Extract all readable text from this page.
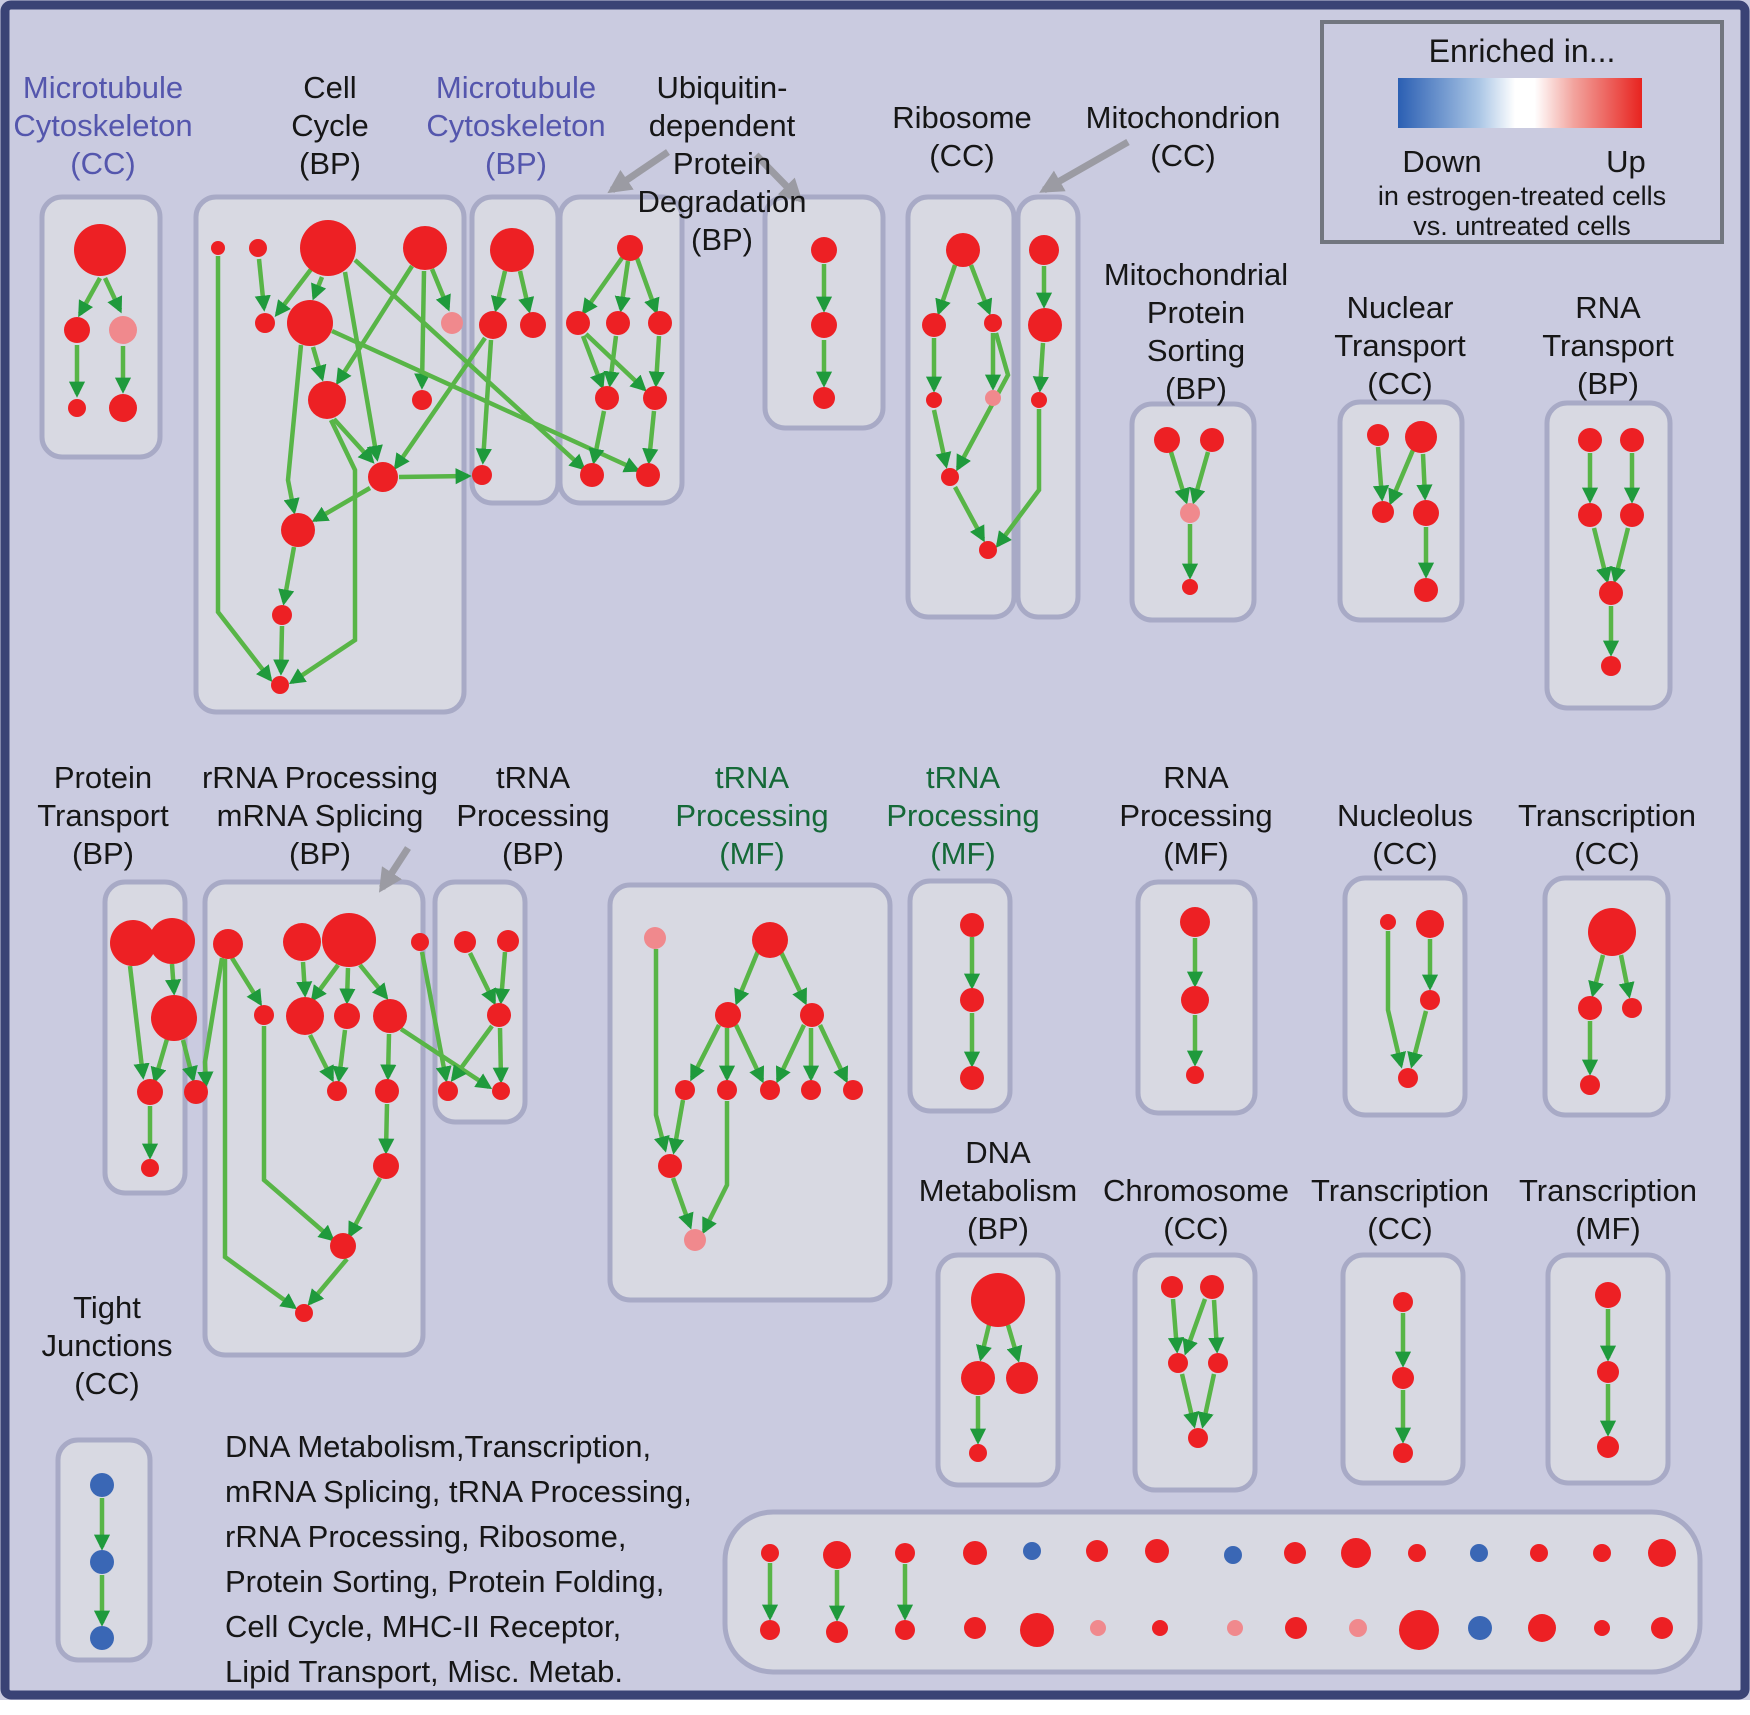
Microtubule Cytoskeleton (CC)
Cell Cycle (BP)
Microtubule Cytoskeleton (BP)
Ubiquitin-dependent Protein Degradation (BP)
Ribosome (CC)
Mitochondrion (CC)
Mitochondrial Protein Sorting (BP)
Nuclear Transport (CC)
RNA Transport (BP)
Protein Transport (BP)
rRNA Processing mRNA Splicing (BP)
tRNA Processing (BP)
tRNA Processing (MF)
tRNA Processing (MF)
RNA Processing (MF)
Nucleolus (CC)
Transcription (CC)
DNA Metabolism (BP)
Chromosome (CC)
Transcription (CC)
Transcription (MF)
Tight Junctions (CC)
DNA Metabolism,Transcription, mRNA Splicing, tRNA Processing, rRNA Processing, Ribosome, Protein Sorting, Protein Folding, Cell Cycle, MHC-II Receptor, Lipid Transport, Misc. Metab.
Enriched in...
Down	Up
in estrogen-treated cells
vs. untreated cells
